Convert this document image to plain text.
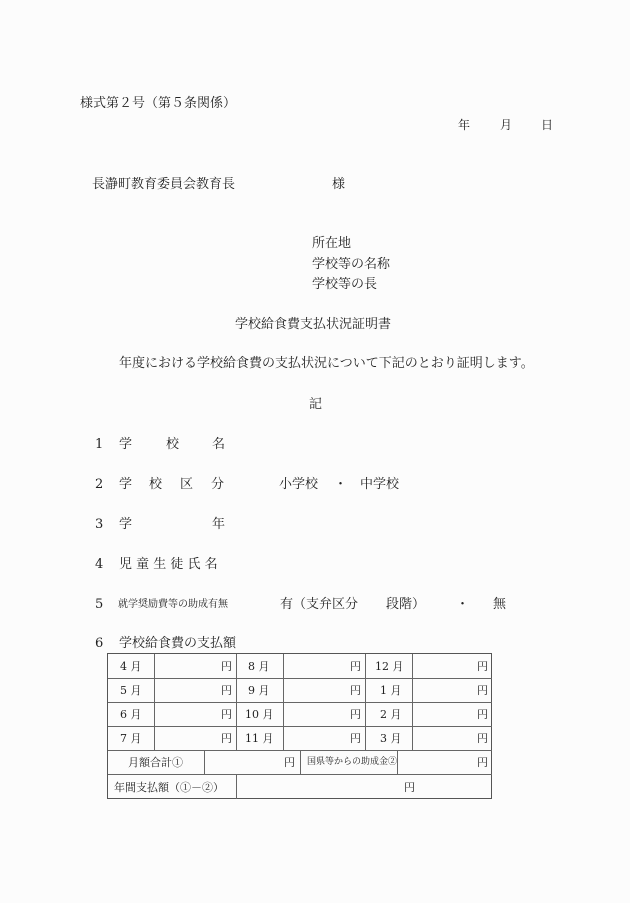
様式第２号（第５条関係）
年 月 日
長瀞町教育委員会教育長	様
所在地
学校等の名称
学校等の長
学校給食費支払状況証明書
年度における学校給食費の支払状況について下記のとおり証明します。
記
1 学	校	名
2 学 校 区 分	小学校 ・ 中学校
3 学	年
4 児 童 生 徒 氏 名
5 就学奨励費等の助成有無	有（支弁区分 段階） ・ 無
6 学校給食費の支払額
4 月	円 8 月	円 12 月	円
5 月	円 9 月	円 1 月	円
6 月	円 10 月	円 2 月	円
7 月	円 11 月	円 3 月	円
月額合計①	円 国県等からの助成金②	円
年間支払額（①－②）	円
